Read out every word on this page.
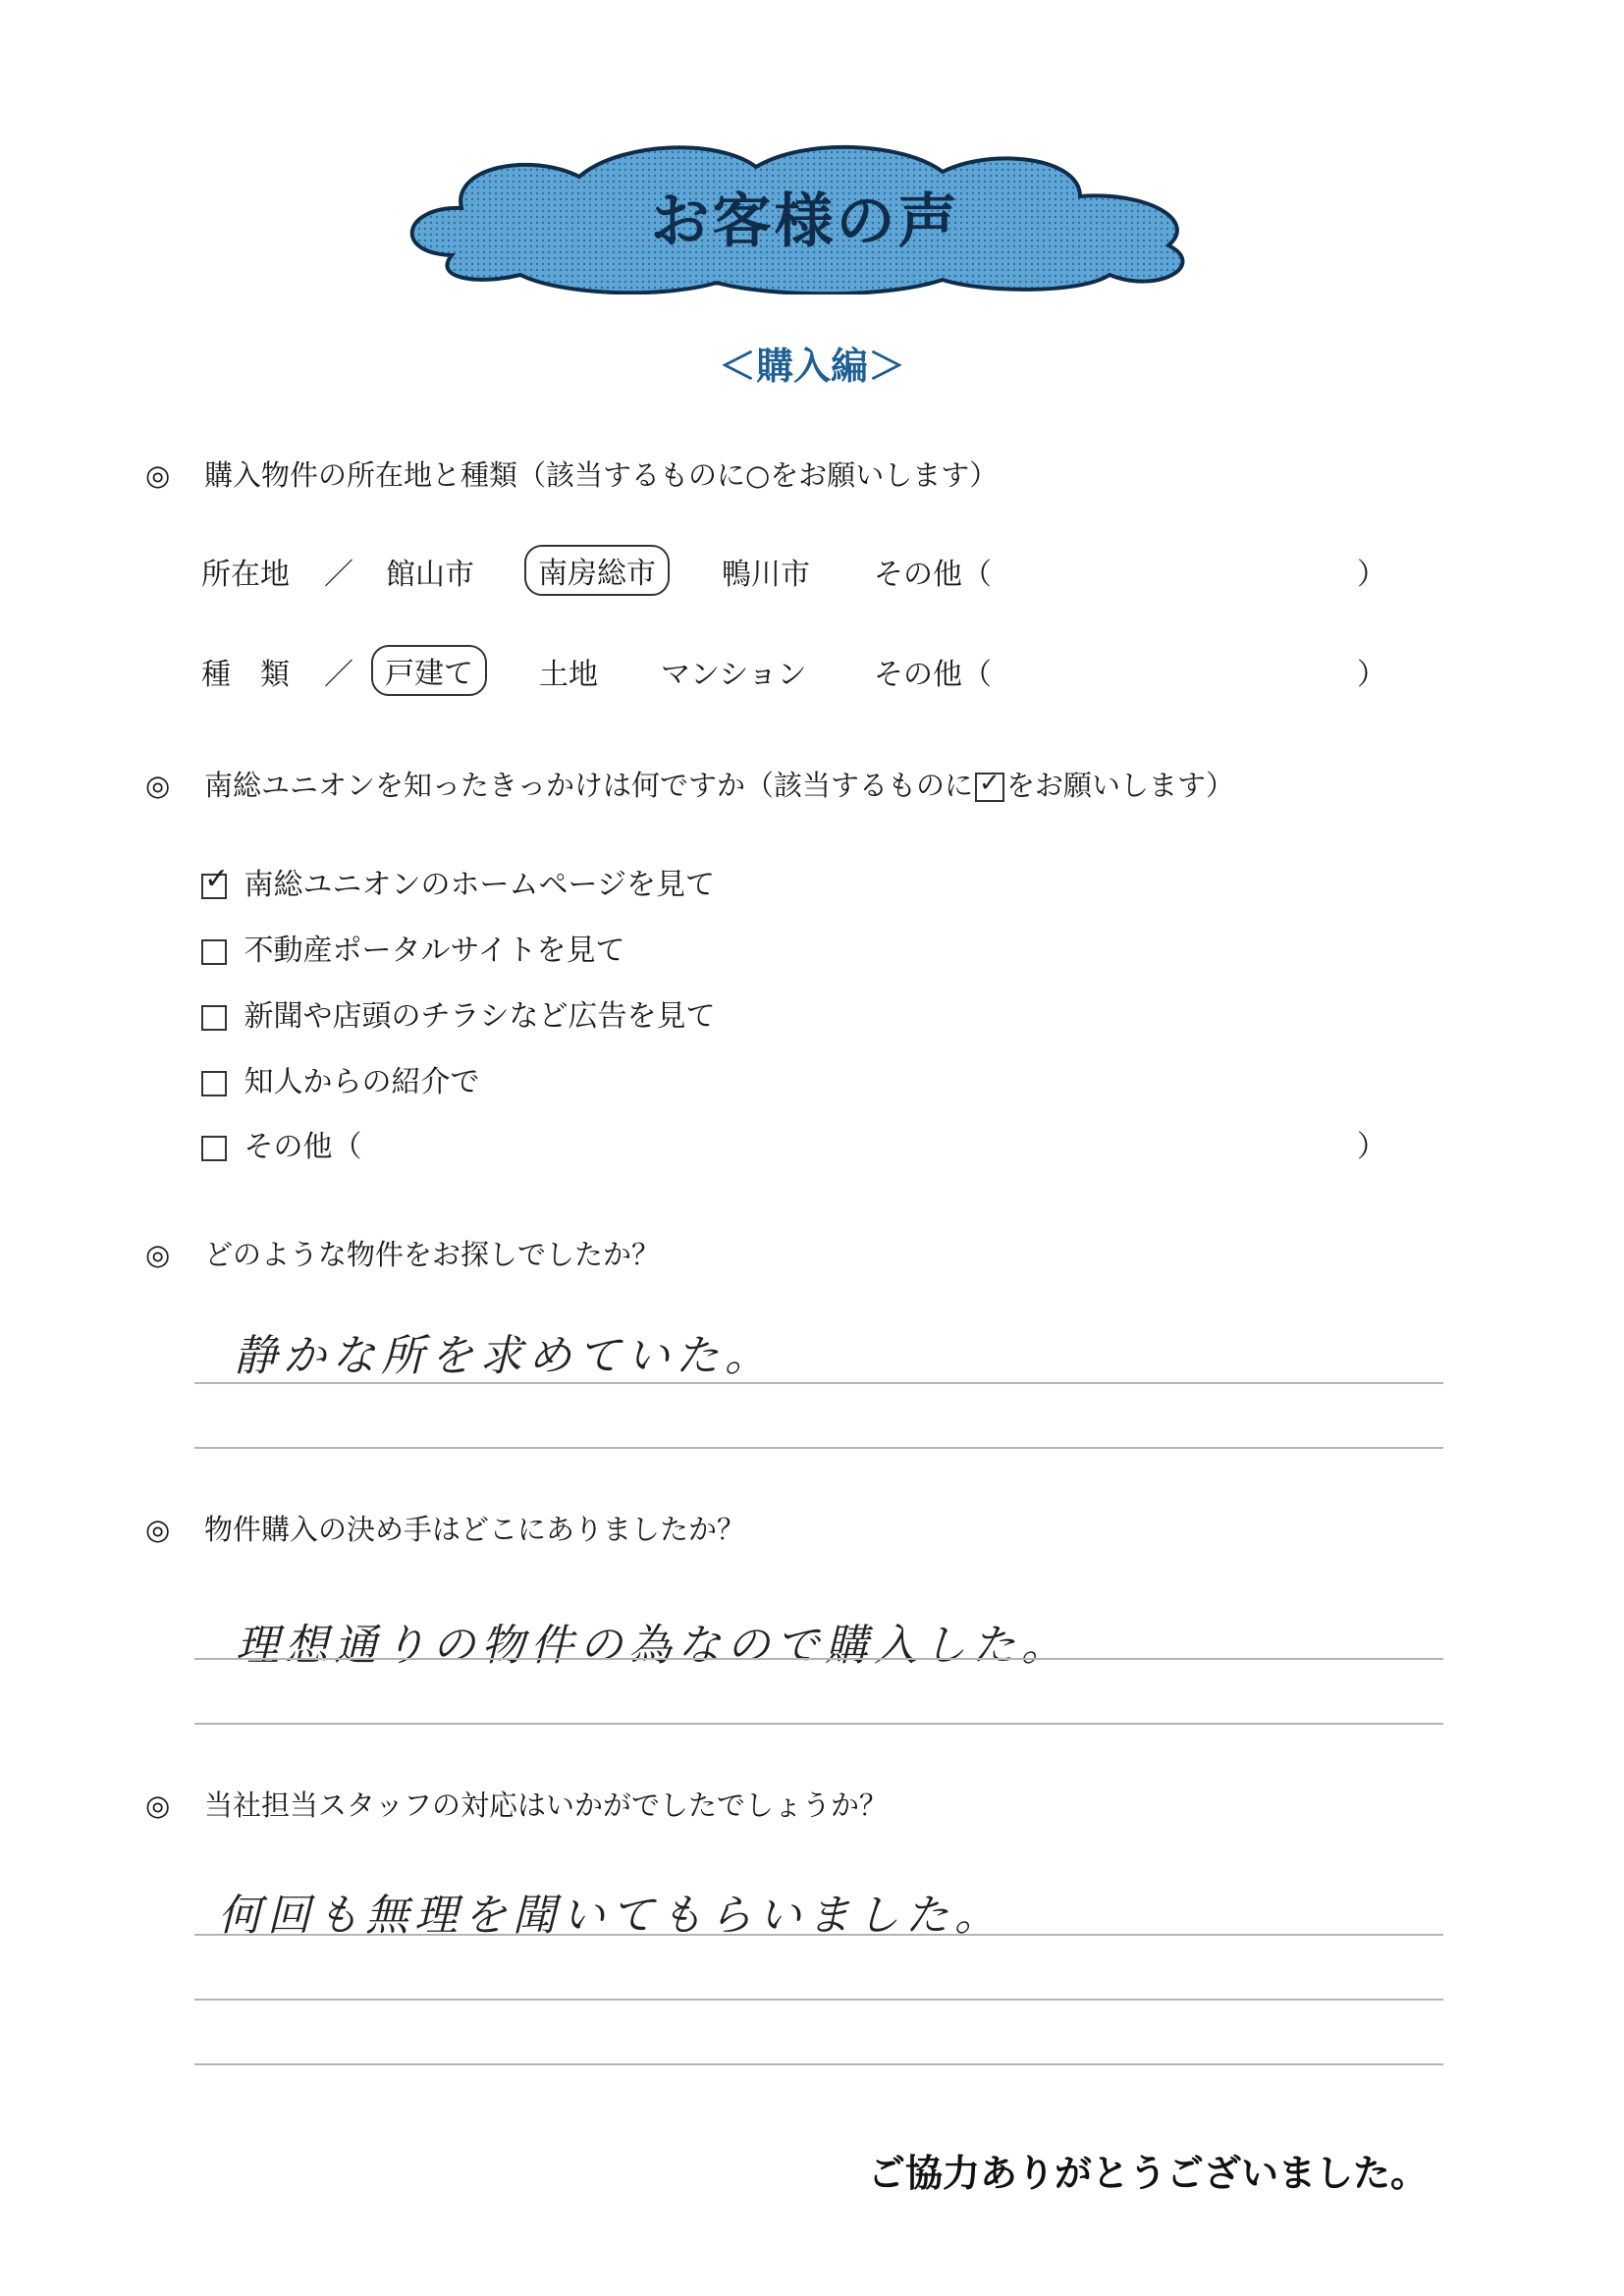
お客様の声
＜購入編＞
◎ 購入物件の所在地と種類（該当するものに○をお願いします）
所在地 ／ 館山市	南房総市	鴨川市 その他（	）
種　類 ／	戸建て	土地 マンション その他（	）
◎ 南総ユニオンを知ったきっかけは何ですか（該当するものに ✓ をお願いします）
✓ 南総ユニオンのホームページを見て
不動産ポータルサイトを見て
新聞や店頭のチラシなど広告を見て
知人からの紹介で
その他（	）
◎ どのような物件をお探しでしたか？
静かな所を求めていた。
◎ 物件購入の決め手はどこにありましたか？
理想通りの物件の為なので購入した。
◎ 当社担当スタッフの対応はいかがでしたでしょうか？
何回も無理を聞いてもらいました。
ご協力ありがとうございました。
